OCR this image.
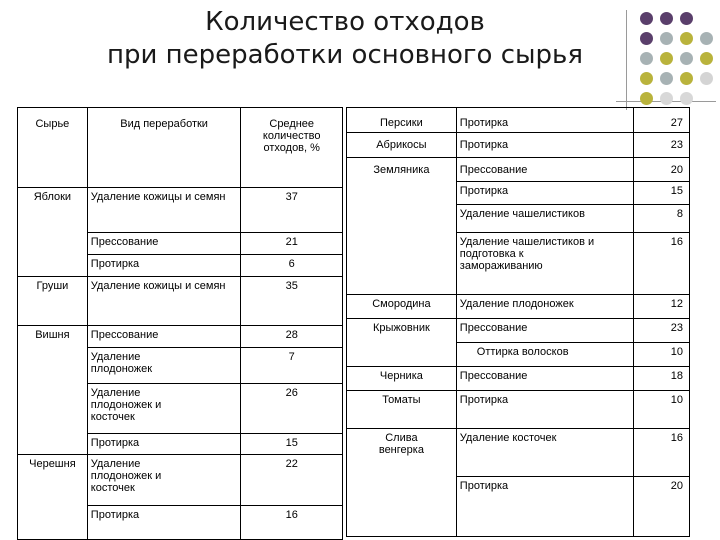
Количество отходов
при переработки основного сырья
Сырье	Вид переработки	Среднее количество отходов, %
Яблоки	Удаление кожицы и семян	37
	Прессование	21
	Протирка	6
Груши	Удаление кожицы и семян	35
Вишня	Прессование	28
	Удаление плодоножек	7
	Удаление плодоножек и косточек	26
	Протирка	15
Черешня	Удаление плодоножек и косточек	22
	Протирка	16
Персики	Протирка	27
Абрикосы	Протирка	23
Земляника	Прессование	20
	Протирка	15
	Удаление чашелистиков	8
	Удаление чашелистиков и подготовка к замораживанию	16
Смородина	Удаление плодоножек	12
Крыжовник	Прессование	23
	Оттирка волосков	10
Черника	Прессование	18
Томаты	Протирка	10
Слива венгерка	Удаление косточек	16
	Протирка	20
